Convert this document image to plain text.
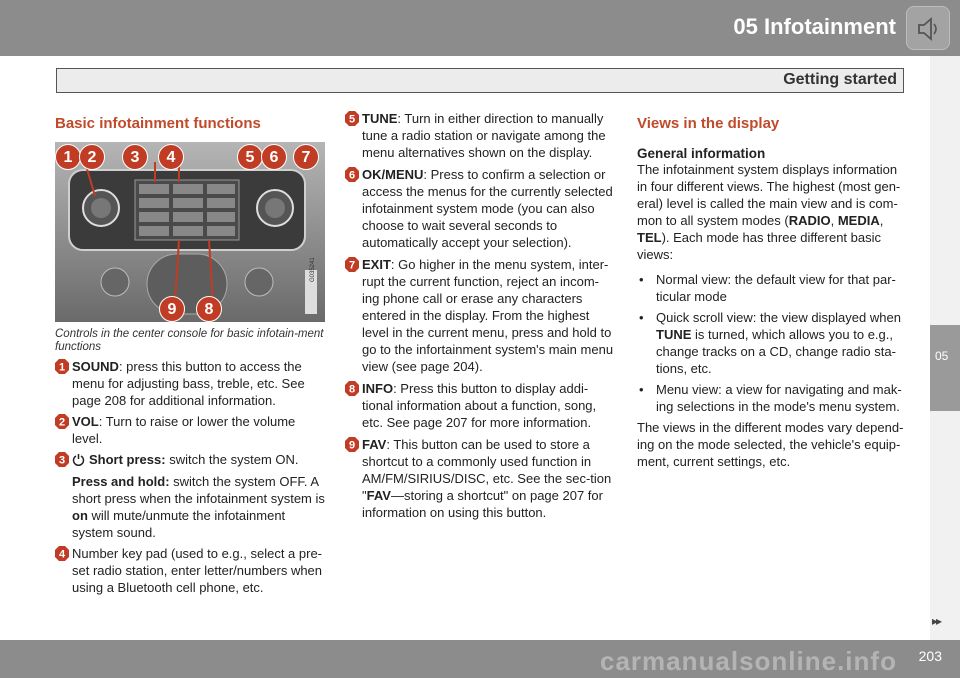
05 Infotainment
Getting started
05
Basic infotainment functions
1 2	3	4	5 6	7
9	8
G035241
Controls in the center console for basic infotain-ment functions
1 SOUND: press this button to access the menu for adjusting bass, treble, etc. See page 208 for additional information.
2 VOL: Turn to raise or lower the volume level.
3 Short press: switch the system ON.
Press and hold: switch the system OFF. A short press when the infotainment system is on will mute/unmute the infotainment system sound.
4 Number key pad (used to e.g., select a pre-set radio station, enter letter/numbers when using a Bluetooth cell phone, etc.
5 TUNE: Turn in either direction to manually tune a radio station or navigate among the menu alternatives shown on the display.
6 OK/MENU: Press to confirm a selection or access the menus for the currently selected infotainment system mode (you can also choose to wait several seconds to automatically accept your selection).
7 EXIT: Go higher in the menu system, inter-rupt the current function, reject an incom-ing phone call or erase any characters entered in the display. From the highest level in the current menu, press and hold to go to the infortainment system's main menu view (see page 204).
8 INFO: Press this button to display addi-tional information about a function, song, etc. See page 207 for more information.
9 FAV: This button can be used to store a shortcut to a commonly used function in AM/FM/SIRIUS/DISC, etc. See the sec-tion "FAV—storing a shortcut" on page 207 for information on using this button.
Views in the display
General information

The infotainment system displays information in four different views. The highest (most gen-eral) level is called the main view and is com-mon to all system modes (RADIO, MEDIA, TEL). Each mode has three different basic views:

• Normal view: the default view for that par-ticular mode
• Quick scroll view: the view displayed when TUNE is turned, which allows you to e.g., change tracks on a CD, change radio sta-tions, etc.
• Menu view: a view for navigating and mak-ing selections in the mode's menu system.

The views in the different modes vary depend-ing on the mode selected, the vehicle's equip-ment, current settings, etc.

▸▸
carmanualsonline.info 203
